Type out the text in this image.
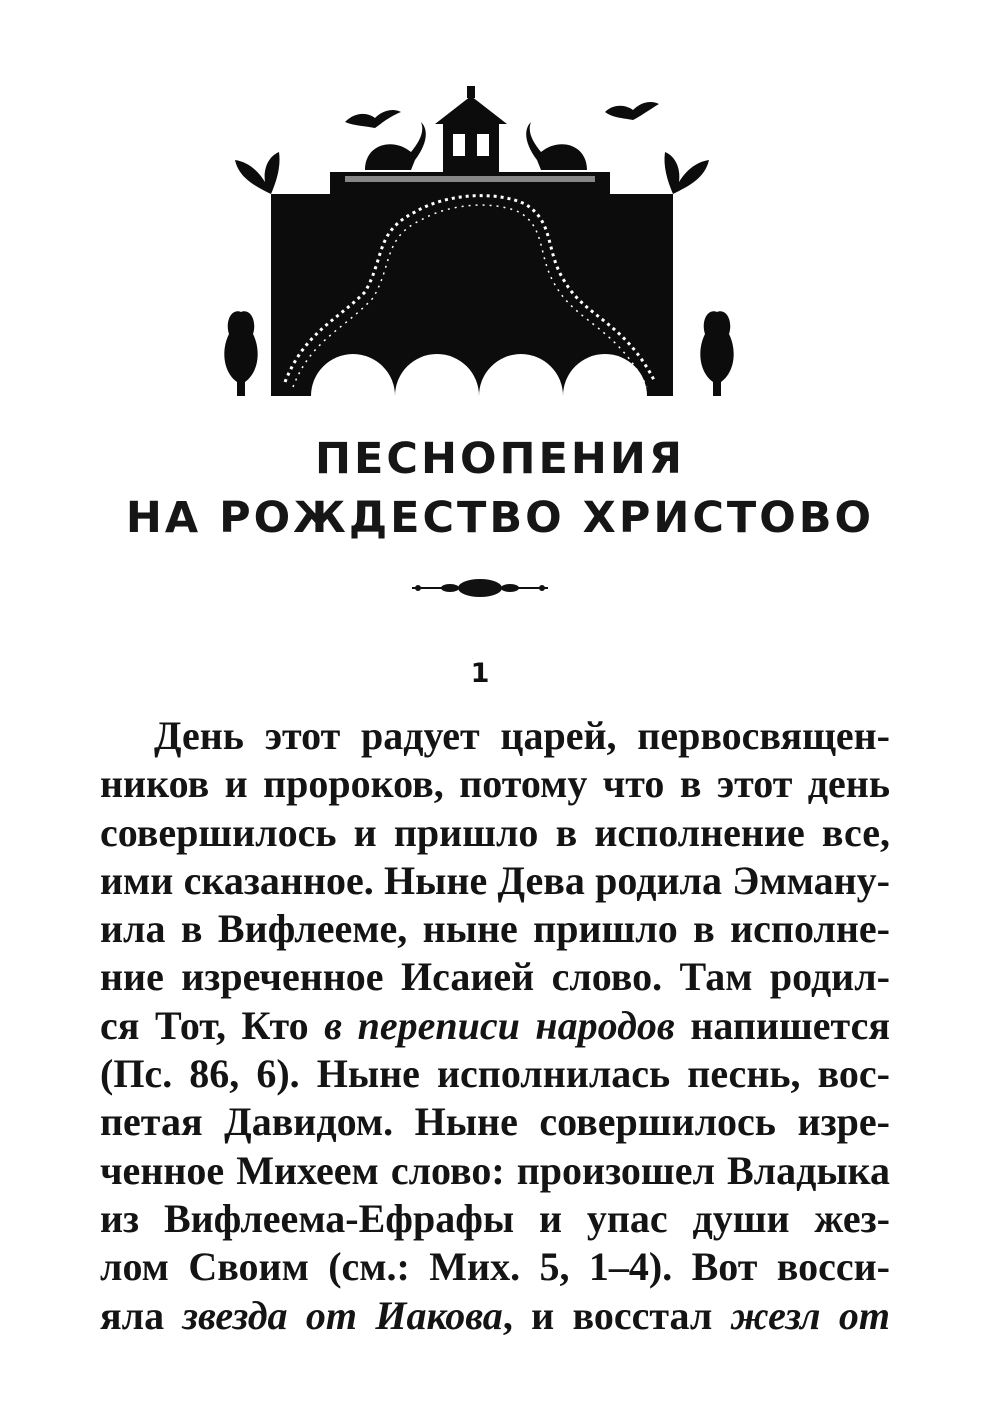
ПЕСНОПЕНИЯ
НА РОЖДЕСТВО ХРИСТОВО
1
День этот радует царей, первосвящен-
ников и пророков, потому что в этот день
совершилось и пришло в исполнение все,
ими сказанное. Ныне Дева родила Эмману-
ила в Вифлееме, ныне пришло в исполне-
ние изреченное Исаией слово. Там родил-
ся Тот, Кто в переписи народов напишется
(Пс. 86, 6). Ныне исполнилась песнь, вос-
петая Давидом. Ныне совершилось изре-
ченное Михеем слово: произошел Владыка
из Вифлеема-Ефрафы и упас души жез-
лом Своим (см.: Мих. 5, 1–4). Вот восси-
яла звезда от Иакова, и восстал жезл от
